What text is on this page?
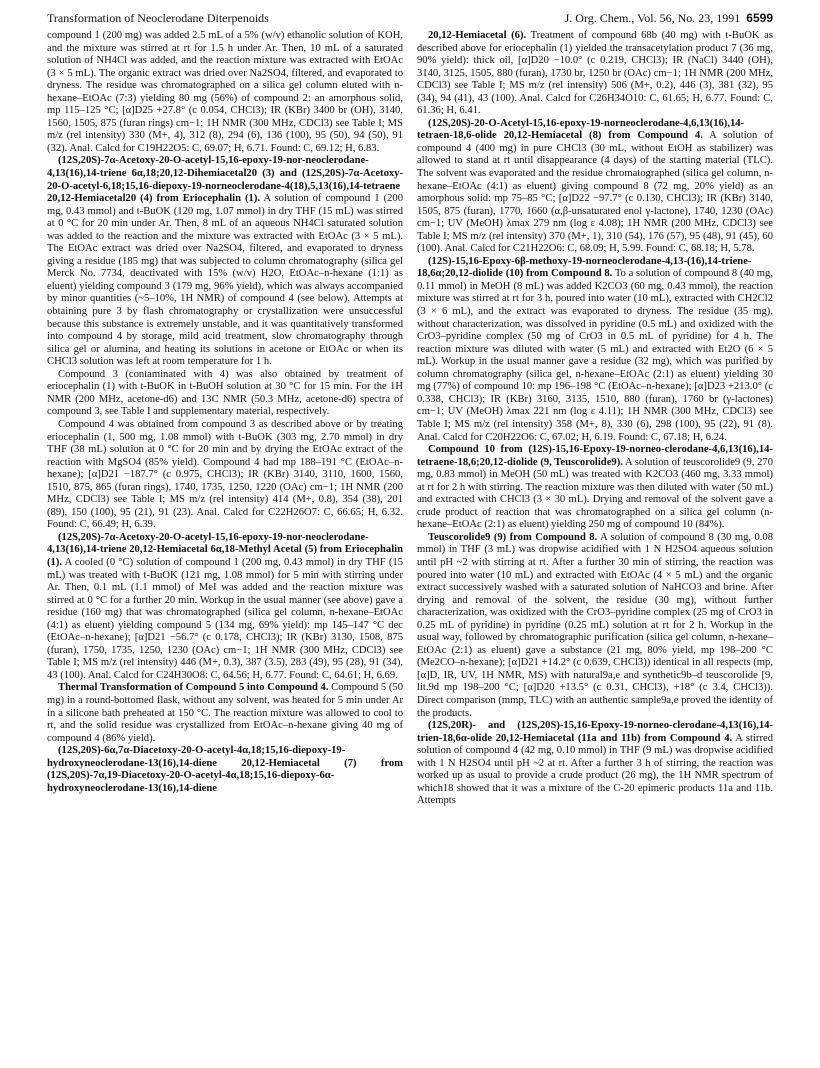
Transformation of Neoclerodane Diterpenoids	J. Org. Chem., Vol. 56, No. 23, 1991 6599

compound 1 (200 mg) was added 2.5 mL of a 5% (w/v) ethanolic solution of KOH, and the mixture was stirred at rt for 1.5 h under Ar. Then, 10 mL of a saturated solution of NH4Cl was added, and the reaction mixture was extracted with EtOAc (3 × 5 mL). The organic extract was dried over Na2SO4, filtered, and evaporated to dryness. The residue was chromatographed on a silica gel column eluted with n-hexane–EtOAc (7:3) yielding 80 mg (56%) of compound 2: an amorphous solid, mp 115–125 °C; [α]D25 +27.8° (c 0.054, CHCl3); IR (KBr) 3400 br (OH), 3140, 1560, 1505, 875 (furan rings) cm−1; 1H NMR (300 MHz, CDCl3) see Table I; MS m/z (rel intensity) 330 (M+, 4), 312 (8), 294 (6), 136 (100), 95 (50), 94 (50), 91 (32). Anal. Calcd for C19H22O5: C, 69.07; H, 6.71. Found: C, 69.12; H, 6.83.

(12S,20S)-7α-Acetoxy-20-O-acetyl-15,16-epoxy-19-nor-neoclerodane-4,13(16),14-triene 6α,18;20,12-Dihemiacetal20 (3) and (12S,20S)-7α-Acetoxy-20-O-acetyl-6,18;15,16-diepoxy-19-norneoclerodane-4(18),5,13(16),14-tetraene 20,12-Hemiacetal20 (4) from Eriocephalin (1). A solution of compound 1 (200 mg, 0.43 mmol) and t-BuOK (120 mg, 1.07 mmol) in dry THF (15 mL) was stirred at 0 °C for 20 min under Ar. Then, 8 mL of an aqueous NH4Cl saturated solution was added to the reaction and the mixture was extracted with EtOAc (3 × 5 mL). The EtOAc extract was dried over Na2SO4, filtered, and evaporated to dryness giving a residue (185 mg) that was subjected to column chromatography (silica gel Merck No. 7734, deactivated with 15% (w/v) H2O, EtOAc–n-hexane (1:1) as eluent) yielding compound 3 (179 mg, 96% yield), which was always accompanied by minor quantities (~5–10%, 1H NMR) of compound 4 (see below). Attempts at obtaining pure 3 by flash chromatography or crystallization were unsuccessful because this substance is extremely unstable, and it was quantitatively transformed into compound 4 by storage, mild acid treatment, slow chromatography through silica gel or alumina, and heating its solutions in acetone or EtOAc or when its CHCl3 solution was left at room temperature for 1 h.

Compound 3 (contaminated with 4) was also obtained by treatment of eriocephalin (1) with t-BuOK in t-BuOH solution at 30 °C for 15 min. For the 1H NMR (200 MHz, acetone-d6) and 13C NMR (50.3 MHz, acetone-d6) spectra of compound 3, see Table I and supplementary material, respectively.

Compound 4 was obtained from compound 3 as described above or by treating eriocephalin (1, 500 mg, 1.08 mmol) with t-BuOK (303 mg, 2.70 mmol) in dry THF (38 mL) solution at 0 °C for 20 min and by drying the EtOAc extract of the reaction with MgSO4 (85% yield). Compound 4 had mp 188–191 °C (EtOAc–n-hexane); [α]D21 −187.7° (c 0.975, CHCl3); IR (KBr) 3140, 3110, 1600, 1560, 1510, 875, 865 (furan rings), 1740, 1735, 1250, 1220 (OAc) cm−1; 1H NMR (200 MHz, CDCl3) see Table I; MS m/z (rel intensity) 414 (M+, 0.8), 354 (38), 201 (89), 150 (100), 95 (21), 91 (23). Anal. Calcd for C22H26O7: C, 66.65; H, 6.32. Found: C, 66.49; H, 6.39.

(12S,20S)-7α-Acetoxy-20-O-acetyl-15,16-epoxy-19-nor-neoclerodane-4,13(16),14-triene 20,12-Hemiacetal 6α,18-Methyl Acetal (5) from Eriocephalin (1). A cooled (0 °C) solution of compound 1 (200 mg, 0.43 mmol) in dry THF (15 mL) was treated with t-BuOK (121 mg, 1.08 mmol) for 5 min with stirring under Ar. Then, 0.1 mL (1.1 mmol) of MeI was added and the reaction mixture was stirred at 0 °C for a further 20 min. Workup in the usual manner (see above) gave a residue (160 mg) that was chromatographed (silica gel column, n-hexane–EtOAc (4:1) as eluent) yielding compound 5 (134 mg, 69% yield): mp 145–147 °C dec (EtOAc–n-hexane); [α]D21 −56.7° (c 0.178, CHCl3); IR (KBr) 3130, 1508, 875 (furan), 1750, 1735, 1250, 1230 (OAc) cm−1; 1H NMR (300 MHz, CDCl3) see Table I; MS m/z (rel intensity) 446 (M+, 0.3), 387 (3.5), 283 (49), 95 (28), 91 (34), 43 (100). Anal. Calcd for C24H30O8: C, 64.56; H, 6.77. Found: C, 64.61; H, 6.69.

Thermal Transformation of Compound 5 into Compound 4. Compound 5 (50 mg) in a round-bottomed flask, without any solvent, was heated for 5 min under Ar in a silicone bath preheated at 150 °C. The reaction mixture was allowed to cool to rt, and the solid residue was crystallized from EtOAc–n-hexane giving 40 mg of compound 4 (86% yield).

(12S,20S)-6α,7α-Diacetoxy-20-O-acetyl-4α,18;15,16-diepoxy-19-hydroxyneoclerodane-13(16),14-diene 20,12-Hemiacetal (7) from (12S,20S)-7α,19-Diacetoxy-20-O-acetyl-4α,18;15,16-diepoxy-6α-hydroxyneoclerodane-13(16),14-diene

20,12-Hemiacetal (6). Treatment of compound 68b (40 mg) with t-BuOK as described above for eriocephalin (1) yielded the transacetylation product 7 (36 mg, 90% yield): thick oil, [α]D20 −10.0° (c 0.219, CHCl3); IR (NaCl) 3440 (OH), 3140, 3125, 1505, 880 (furan), 1730 br, 1250 br (OAc) cm−1; 1H NMR (200 MHz, CDCl3) see Table I; MS m/z (rel intensity) 506 (M+, 0.2), 446 (3), 381 (32), 95 (34), 94 (41), 43 (100). Anal. Calcd for C26H34O10: C, 61.65; H, 6.77. Found: C, 61.36; H, 6.41.

(12S,20S)-20-O-Acetyl-15,16-epoxy-19-norneoclerodane-4,6,13(16),14-tetraen-18,6-olide 20,12-Hemiacetal (8) from Compound 4. A solution of compound 4 (400 mg) in pure CHCl3 (30 mL, without EtOH as stabilizer) was allowed to stand at rt until disappearance (4 days) of the starting material (TLC). The solvent was evaporated and the residue chromatographed (silica gel column, n-hexane–EtOAc (4:1) as eluent) giving compound 8 (72 mg, 20% yield) as an amorphous solid: mp 75–85 °C; [α]D22 −97.7° (c 0.130, CHCl3); IR (KBr) 3140, 1505, 875 (furan), 1770, 1660 (α,β-unsaturated enol γ-lactone), 1740, 1230 (OAc) cm−1; UV (MeOH) λmax 279 nm (log ε 4.08); 1H NMR (200 MHz, CDCl3) see Table I; MS m/z (rel intensity) 370 (M+, 1), 310 (54), 176 (57), 95 (48), 91 (45), 60 (100). Anal. Calcd for C21H22O6: C, 68.09; H, 5.99. Found: C, 68.18; H, 5.78.

(12S)-15,16-Epoxy-6β-methoxy-19-norneoclerodane-4,13-(16),14-triene-18,6α;20,12-diolide (10) from Compound 8. To a solution of compound 8 (40 mg, 0.11 mmol) in MeOH (8 mL) was added K2CO3 (60 mg, 0.43 mmol), the reaction mixture was stirred at rt for 3 h, poured into water (10 mL), extracted with CH2Cl2 (3 × 6 mL), and the extract was evaporated to dryness. The residue (35 mg), without characterization, was dissolved in pyridine (0.5 mL) and oxidized with the CrO3–pyridine complex (50 mg of CrO3 in 0.5 mL of pyridine) for 4 h. The reaction mixture was diluted with water (5 mL) and extracted with Et2O (6 × 5 mL). Workup in the usual manner gave a residue (32 mg), which was purified by column chromatography (silica gel, n-hexane–EtOAc (2:1) as eluent) yielding 30 mg (77%) of compound 10: mp 196–198 °C (EtOAc–n-hexane); [α]D23 +213.0° (c 0.338, CHCl3); IR (KBr) 3160, 3135, 1510, 880 (furan), 1760 br (γ-lactones) cm−1; UV (MeOH) λmax 221 nm (log ε 4.11); 1H NMR (300 MHz, CDCl3) see Table I; MS m/z (rel intensity) 358 (M+, 8), 330 (6), 298 (100), 95 (22), 91 (8). Anal. Calcd for C20H22O6: C, 67.02; H, 6.19. Found: C, 67.18; H, 6.24.

Compound 10 from (12S)-15,16-Epoxy-19-norneo-clerodane-4,6,13(16),14-tetraene-18,6;20,12-diolide (9, Teuscorolide9). A solution of teuscorolide9 (9, 270 mg, 0.83 mmol) in MeOH (50 mL) was treated with K2CO3 (460 mg, 3.33 mmol) at rt for 2 h with stirring. The reaction mixture was then diluted with water (50 mL) and extracted with CHCl3 (3 × 30 mL). Drying and removal of the solvent gave a crude product of reaction that was chromatographed on a silica gel column (n-hexane–EtOAc (2:1) as eluent) yielding 250 mg of compound 10 (84%).

Teuscorolide9 (9) from Compound 8. A solution of compound 8 (30 mg, 0.08 mmol) in THF (3 mL) was dropwise acidified with 1 N H2SO4 aqueous solution until pH ~2 with stirring at rt. After a further 30 min of stirring, the reaction was poured into water (10 mL) and extracted with EtOAc (4 × 5 mL) and the organic extract successively washed with a saturated solution of NaHCO3 and brine. After drying and removal of the solvent, the residue (30 mg), without further characterization, was oxidized with the CrO3–pyridine complex (25 mg of CrO3 in 0.25 mL of pyridine) in pyridine (0.25 mL) solution at rt for 2 h. Workup in the usual way, followed by chromatographic purification (silica gel column, n-hexane–EtOAc (2:1) as eluent) gave a substance (21 mg, 80% yield, mp 198–200 °C (Me2CO–n-hexane); [α]D21 +14.2° (c 0.639, CHCl3)) identical in all respects (mp, [α]D, IR, UV, 1H NMR, MS) with natural9a,e and synthetic9b–d teuscorolide [9, lit.9d mp 198–200 °C; [α]D20 +13.5° (c 0.31, CHCl3), +18° (c 3.4, CHCl3)). Direct comparison (mmp, TLC) with an authentic sample9a,e proved the identity of the products.

(12S,20R)- and (12S,20S)-15,16-Epoxy-19-norneo-clerodane-4,13(16),14-trien-18,6α-olide 20,12-Hemiacetal (11a and 11b) from Compound 4. A stirred solution of compound 4 (42 mg, 0.10 mmol) in THF (9 mL) was dropwise acidified with 1 N H2SO4 until pH ~2 at rt. After a further 3 h of stirring, the reaction was worked up as usual to provide a crude product (26 mg), the 1H NMR spectrum of which18 showed that it was a mixture of the C-20 epimeric products 11a and 11b. Attempts
